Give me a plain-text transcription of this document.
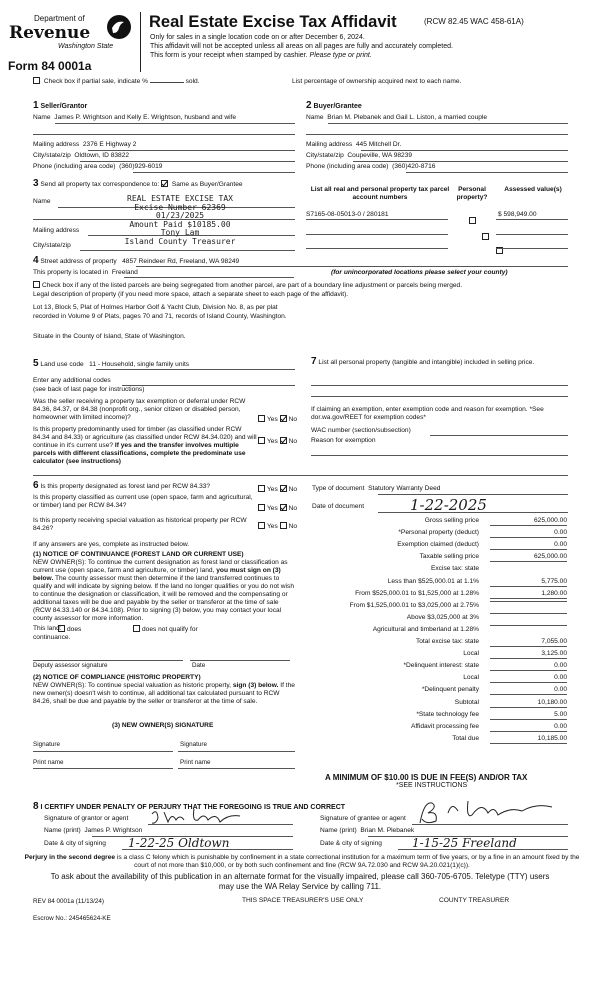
Department of
Revenue
Washington State
Form 84 0001a
Real Estate Excise Tax Affidavit	(RCW 82.45 WAC 458-61A)
Only for sales in a single location code on or after December 6, 2024.
This affidavit will not be accepted unless all areas on all pages are fully and accurately completed.
This form is your receipt when stamped by cashier. Please type or print.
Check box if partial sale, indicate %	sold.	List percentage of ownership acquired next to each name.
1 Seller/Grantor
Name James P. Wrightson and Kelly E. Wrightson, husband and wife
Mailing address 2376 E Highway 2
City/state/zip Oldtown, ID 83822
Phone (including area code) (360)929-6019
2 Buyer/Grantee
Name Brian M. Plebanek and Gail L. Liston, a married couple
Mailing address 445 Mitchell Dr.
City/state/zip Coupeville, WA 98239
Phone (including area code) (360)420-8716
3 Send all property tax correspondence to: Same as Buyer/Grantee
Name
Mailing address
City/state/zip
REAL ESTATE EXCISE TAX
Excise Number 62369
01/23/2025
Amount Paid $10185.00
Tony Lam
Island County Treasurer
List all real and personal property tax parcel account numbers
Personal property?
Assessed value(s)
S7165-08-05013-0 / 280181
	$ 598,949.00

4 Street address of property 4857 Reindeer Rd, Freeland, WA 98249
This property is located in Freeland	(for unincorporated locations please select your county)
Check box if any of the listed parcels are being segregated from another parcel, are part of a boundary line adjustment or parcels being merged.
Legal description of property (if you need more space, attach a separate sheet to each page of the affidavit).
Lot 13, Block 5, Plat of Holmes Harbor Golf & Yacht Club, Division No. 8, as per plat
recorded in Volume 9 of Plats, pages 70 and 71, records of Island County, Washington.
Situate in the County of Island, State of Washington.
5 Land use code 11 - Household, single family units
Enter any additional codes
(see back of last page for instructions)
Was the seller receiving a property tax exemption or deferral under RCW 84.36, 84.37, or 84.38 (nonprofit org., senior citizen or disabled person, homeowner with limited income)?	Yes No
Is this property predominantly used for timber (as classified under RCW 84.34 and 84.33) or agriculture (as classified under RCW 84.34.020) and will continue in it's current use? If yes and the transfer involves multiple parcels with different classifications, complete the predominate use calculator (see instructions)
Yes No
7 List all personal property (tangible and intangible) included in selling price.
If claiming an exemption, enter exemption code and reason for exemption. *See dor.wa.gov/REET for exemption codes*
WAC number (section/subsection)
Reason for exemption
6 Is this property designated as forest land per RCW 84.33?	Yes No
Is this property classified as current use (open space, farm and agricultural, or timber) land per RCW 84.34?	Yes No
Is this property receiving special valuation as historical property per RCW 84.26?	Yes No
If any answers are yes, complete as instructed below.
(1) NOTICE OF CONTINUANCE (FOREST LAND OR CURRENT USE)
NEW OWNER(S): To continue the current designation as forest land or classification as current use (open space, farm and agriculture, or timber) land, you must sign on (3) below. The county assessor must then determine if the land transferred continues to qualify and will indicate by signing below. If the land no longer qualifies or you do not wish to continue the designation or classification, it will be removed and the compensating or additional taxes will be due and payable by the seller or transferor at the time of sale (RCW 84.33.140 or 84.34.108). Prior to signing (3) below, you may contact your local county assessor for more information.
This land: does	does not qualify for
continuance.
Deputy assessor signature	Date
(2) NOTICE OF COMPLIANCE (HISTORIC PROPERTY)
NEW OWNER(S): To continue special valuation as historic property, sign (3) below. If the new owner(s) doesn't wish to continue, all additional tax calculated pursuant to RCW 84.26, shall be due and payable by the seller or transferor at the time of sale.
(3) NEW OWNER(S) SIGNATURE
Signature	Signature
Print name	Print name
Type of document Statutory Warranty Deed
Date of document	1-22-2025
Gross selling price	625,000.00
*Personal property (deduct)	0.00
Exemption claimed (deduct)	0.00
Taxable selling price	625,000.00
Excise tax: state
Less than $525,000.01 at 1.1%	5,775.00
From $525,000.01 to $1,525,000 at 1.28%	1,280.00
From $1,525,000.01 to $3,025,000 at 2.75%
Above $3,025,000 at 3%
Agricultural and timberland at 1.28%
Total excise tax: state	7,055.00
Local	3,125.00
*Delinquent interest: state	0.00
Local	0.00
*Delinquent penalty	0.00
Subtotal	10,180.00
*State technology fee	5.00
Affidavit processing fee	0.00
Total due	10,185.00
A MINIMUM OF $10.00 IS DUE IN FEE(S) AND/OR TAX
*SEE INSTRUCTIONS
8 I CERTIFY UNDER PENALTY OF PERJURY THAT THE FOREGOING IS TRUE AND CORRECT
Signature of grantor or agent
Name (print) James P. Wrightson
Date & city of signing 1-22-25 Oldtown
Signature of grantee or agent
Name (print) Brian M. Plebanek
Date & city of signing	1-15-25 Freeland
Perjury in the second degree is a class C felony which is punishable by confinement in a state correctional institution for a maximum term of five years, or by a fine in an amount fixed by the court of not more than $10,000, or by both such confinement and fine (RCW 9A.72.030 and RCW 9A.20.021(1)(c)).
To ask about the availability of this publication in an alternate format for the visually impaired, please call 360-705-6705. Teletype (TTY) users may use the WA Relay Service by calling 711.
REV 84 0001a (11/13/24)	THIS SPACE TREASURER'S USE ONLY	COUNTY TREASURER
Escrow No.: 245465624-KE
